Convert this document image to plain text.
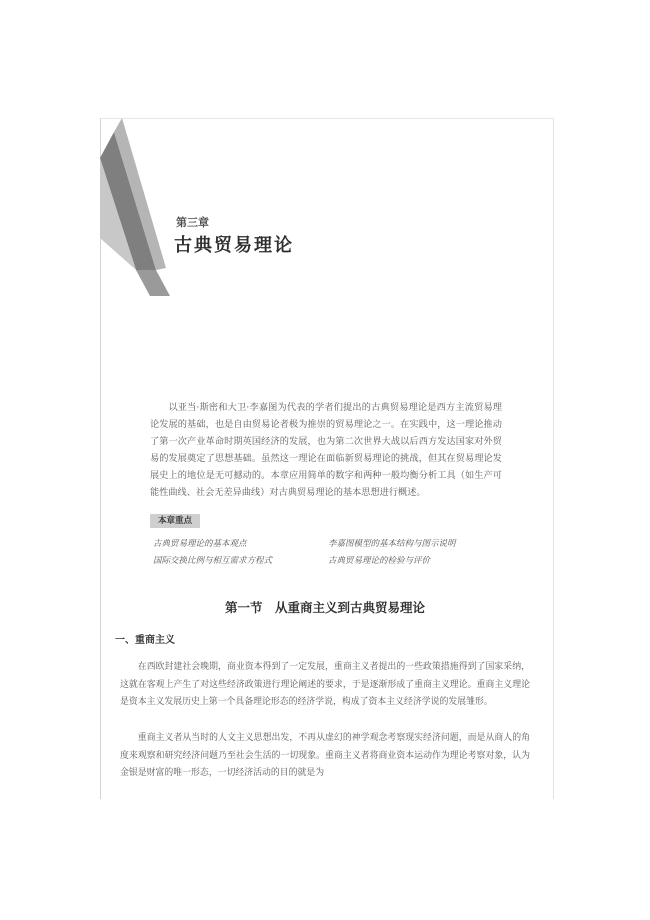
第三章
古典贸易理论

以亚当·斯密和大卫·李嘉图为代表的学者们提出的古典贸易理论是西方主流贸易理论发展的基础，也是自由贸易论者极为推崇的贸易理论之一。在实践中，这一理论推动了第一次产业革命时期英国经济的发展，也为第二次世界大战以后西方发达国家对外贸易的发展奠定了思想基础。虽然这一理论在面临新贸易理论的挑战，但其在贸易理论发展史上的地位是无可撼动的。本章应用简单的数字和两种一般均衡分析工具（如生产可能性曲线、社会无差异曲线）对古典贸易理论的基本思想进行概述。

本章重点
古典贸易理论的基本观点	李嘉图模型的基本结构与图示说明
国际交换比例与相互需求方程式	古典贸易理论的检验与评价
第一节　从重商主义到古典贸易理论
一、重商主义

在西欧封建社会晚期，商业资本得到了一定发展，重商主义者提出的一些政策措施得到了国家采纳，这就在客观上产生了对这些经济政策进行理论阐述的要求，于是逐渐形成了重商主义理论。重商主义理论是资本主义发展历史上第一个具备理论形态的经济学说，构成了资本主义经济学说的发展雏形。

重商主义者从当时的人文主义思想出发，不再从虚幻的神学观念考察现实经济问题，而是从商人的角度来观察和研究经济问题乃至社会生活的一切现象。重商主义者将商业资本运动作为理论考察对象，认为金银是财富的唯一形态，一切经济活动的目的就是为
